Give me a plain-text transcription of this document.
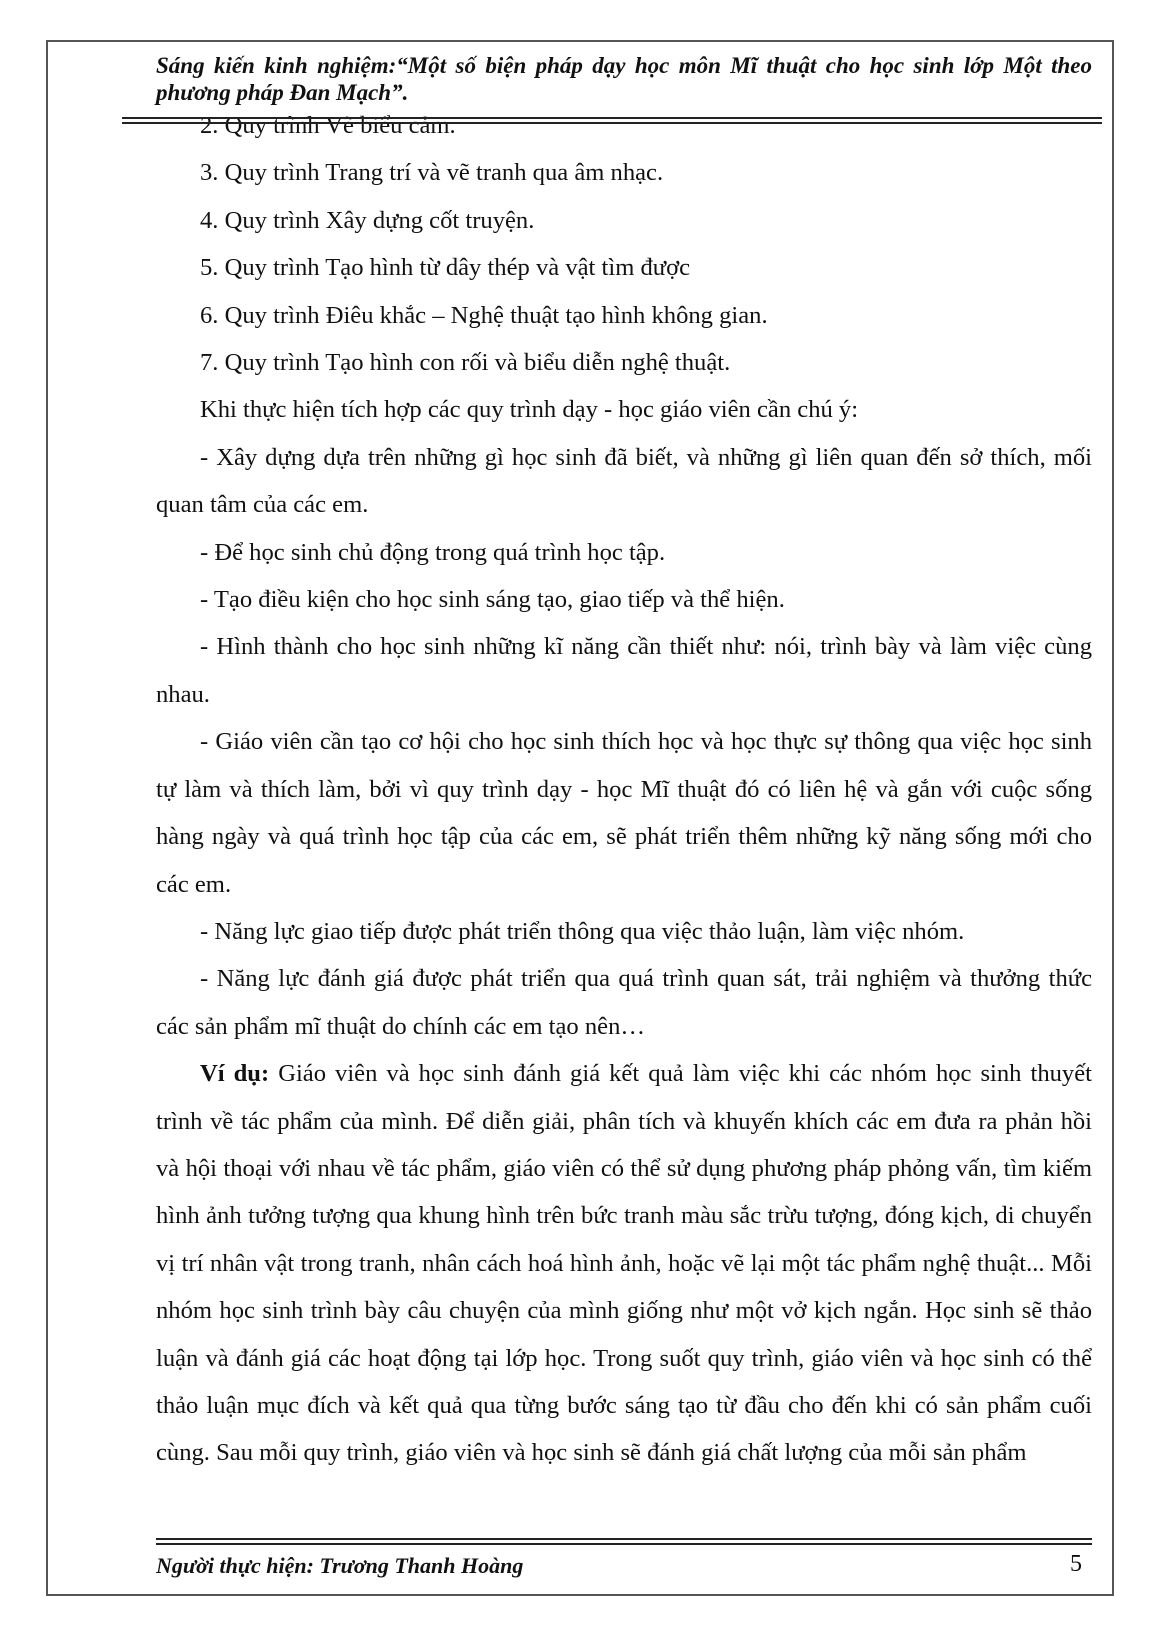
Sáng kiến kinh nghiệm:“Một số biện pháp dạy học môn Mĩ thuật cho học sinh lớp Một theo phương pháp Đan Mạch”.

2. Quy trình Vẽ biểu cảm.

3. Quy trình Trang trí và vẽ tranh qua âm nhạc.

4. Quy trình Xây dựng cốt truyện.

5. Quy trình Tạo hình từ dây thép và vật tìm được

6. Quy trình Điêu khắc – Nghệ thuật tạo hình không gian.

7. Quy trình Tạo hình con rối và biểu diễn nghệ thuật.

Khi thực hiện tích hợp các quy trình dạy - học giáo viên cần chú ý:

- Xây dựng dựa trên những gì học sinh đã biết, và những gì liên quan đến sở thích, mối quan tâm của các em.

- Để học sinh chủ động trong quá trình học tập.

- Tạo điều kiện cho học sinh sáng tạo, giao tiếp và thể hiện.

- Hình thành cho học sinh những kĩ năng cần thiết như: nói, trình bày và làm việc cùng nhau.

- Giáo viên cần tạo cơ hội cho học sinh thích học và học thực sự thông qua việc học sinh tự làm và thích làm, bởi vì quy trình dạy - học Mĩ thuật đó có liên hệ và gắn với cuộc sống hàng ngày và quá trình học tập của các em, sẽ phát triển thêm những kỹ năng sống mới cho các em.

- Năng lực giao tiếp được phát triển thông qua việc thảo luận, làm việc nhóm.

- Năng lực đánh giá được phát triển qua quá trình quan sát, trải nghiệm và thưởng thức các sản phẩm mĩ thuật do chính các em tạo nên…

Ví dụ: Giáo viên và học sinh đánh giá kết quả làm việc khi các nhóm học sinh thuyết trình về tác phẩm của mình. Để diễn giải, phân tích và khuyến khích các em đưa ra phản hồi và hội thoại với nhau về tác phẩm, giáo viên có thể sử dụng phương pháp phỏng vấn, tìm kiếm hình ảnh tưởng tượng qua khung hình trên bức tranh màu sắc trừu tượng, đóng kịch, di chuyển vị trí nhân vật trong tranh, nhân cách hoá hình ảnh, hoặc vẽ lại một tác phẩm nghệ thuật... Mỗi nhóm học sinh trình bày câu chuyện của mình giống như một vở kịch ngắn. Học sinh sẽ thảo luận và đánh giá các hoạt động tại lớp học. Trong suốt quy trình, giáo viên và học sinh có thể thảo luận mục đích và kết quả qua từng bước sáng tạo từ đầu cho đến khi có sản phẩm cuối cùng. Sau mỗi quy trình, giáo viên và học sinh sẽ đánh giá chất lượng của mỗi sản phẩm

Người thực hiện: Trương Thanh Hoàng	5
